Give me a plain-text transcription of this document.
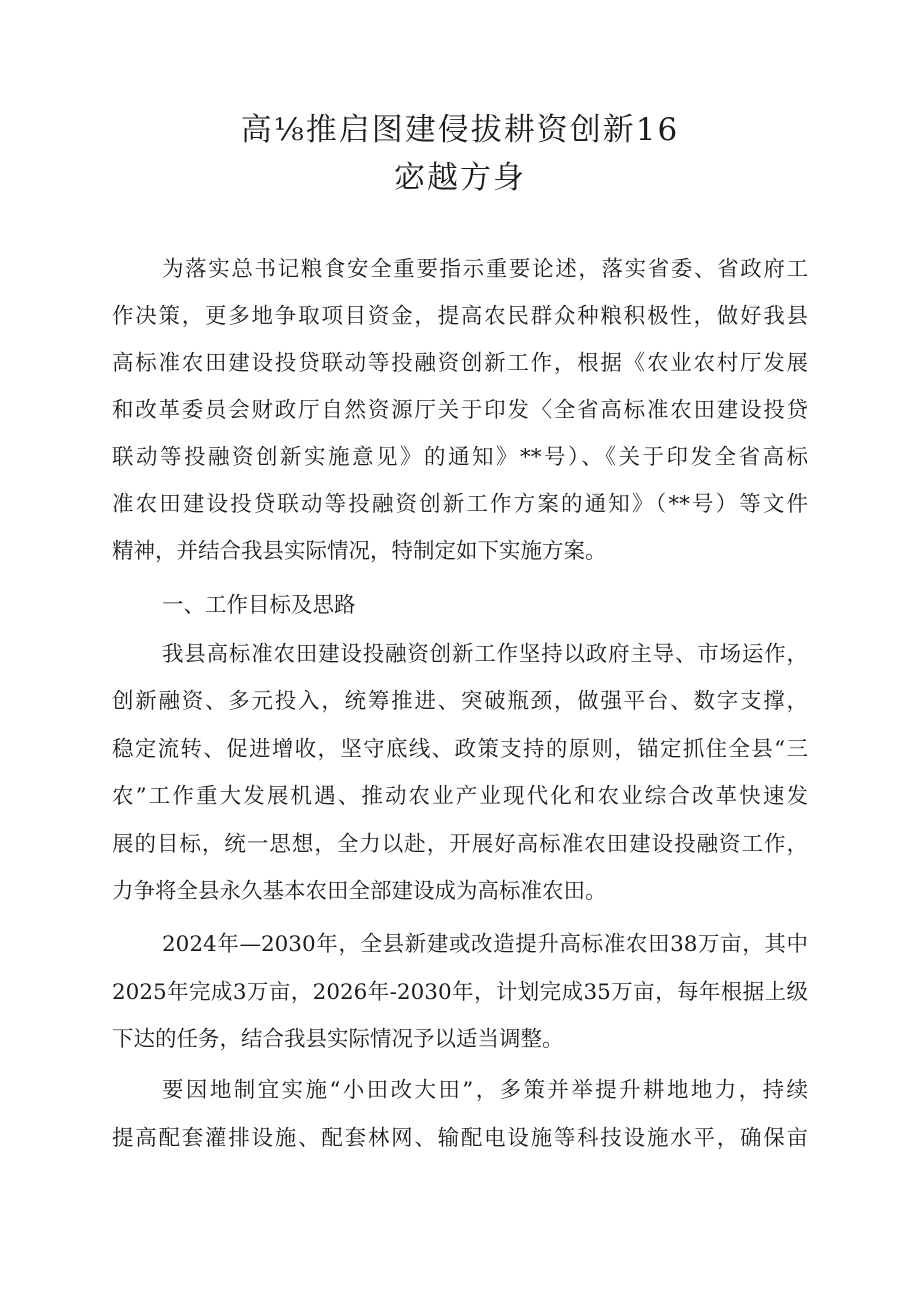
高⅛推启图建侵拔耕资创新16
宓越方身
为落实总书记粮食安全重要指示重要论述，落实省委、省政府工
作决策，更多地争取项目资金，提高农民群众种粮积极性，做好我县
高标准农田建设投贷联动等投融资创新工作，根据《农业农村厅发展
和改革委员会财政厅自然资源厅关于印发〈全省高标准农田建设投贷
联动等投融资创新实施意见》的通知》**号）、《关于印发全省高标
准农田建设投贷联动等投融资创新工作方案的通知》（**号）等文件
精神，并结合我县实际情况，特制定如下实施方案。
一、工作目标及思路
我县高标准农田建设投融资创新工作坚持以政府主导、市场运作，
创新融资、多元投入，统筹推进、突破瓶颈，做强平台、数字支撑，
稳定流转、促进增收，坚守底线、政策支持的原则，锚定抓住全县“三
农”工作重大发展机遇、推动农业产业现代化和农业综合改革快速发
展的目标，统一思想，全力以赴，开展好高标准农田建设投融资工作，
力争将全县永久基本农田全部建设成为高标准农田。
2024年—2030年，全县新建或改造提升高标准农田38万亩，其中
2025年完成3万亩，2026年-2030年，计划完成35万亩，每年根据上级
下达的任务，结合我县实际情况予以适当调整。
要因地制宜实施“小田改大田”，多策并举提升耕地地力，持续
提高配套灌排设施、配套林网、输配电设施等科技设施水平，确保亩
